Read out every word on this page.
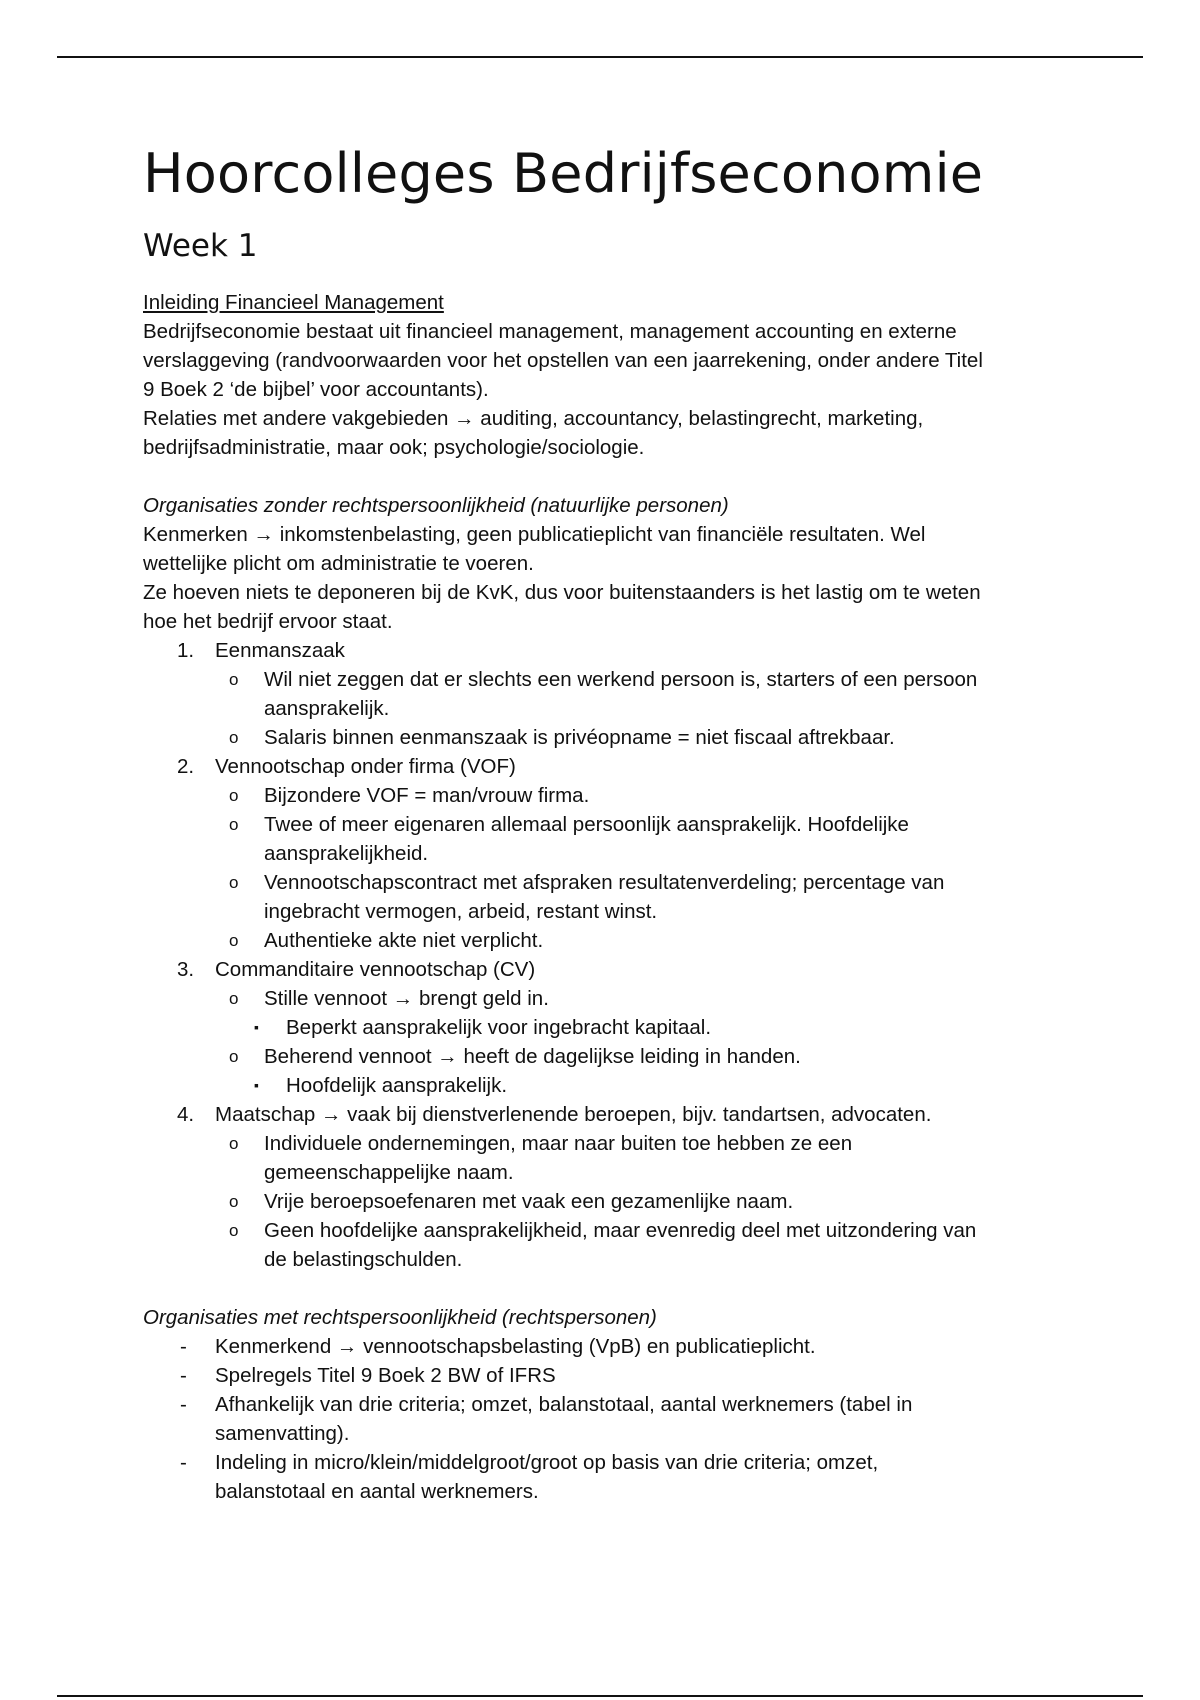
Hoorcolleges Bedrijfseconomie
Week 1
Inleiding Financieel Management
Bedrijfseconomie bestaat uit financieel management, management accounting en externe
verslaggeving (randvoorwaarden voor het opstellen van een jaarrekening, onder andere Titel
9 Boek 2 ‘de bijbel’ voor accountants).
Relaties met andere vakgebieden → auditing, accountancy, belastingrecht, marketing,
bedrijfsadministratie, maar ook; psychologie/sociologie.
Organisaties zonder rechtspersoonlijkheid (natuurlijke personen)
Kenmerken → inkomstenbelasting, geen publicatieplicht van financiële resultaten. Wel
wettelijke plicht om administratie te voeren.
Ze hoeven niets te deponeren bij de KvK, dus voor buitenstaanders is het lastig om te weten
hoe het bedrijf ervoor staat.
1. Eenmanszaak
o Wil niet zeggen dat er slechts een werkend persoon is, starters of een persoon
aansprakelijk.
o Salaris binnen eenmanszaak is privéopname = niet fiscaal aftrekbaar.
2. Vennootschap onder firma (VOF)
o Bijzondere VOF = man/vrouw firma.
o Twee of meer eigenaren allemaal persoonlijk aansprakelijk. Hoofdelijke
aansprakelijkheid.
o Vennootschapscontract met afspraken resultatenverdeling; percentage van
ingebracht vermogen, arbeid, restant winst.
o Authentieke akte niet verplicht.
3. Commanditaire vennootschap (CV)
o Stille vennoot → brengt geld in.
▪ Beperkt aansprakelijk voor ingebracht kapitaal.
o Beherend vennoot → heeft de dagelijkse leiding in handen.
▪ Hoofdelijk aansprakelijk.
4. Maatschap → vaak bij dienstverlenende beroepen, bijv. tandartsen, advocaten.
o Individuele ondernemingen, maar naar buiten toe hebben ze een
gemeenschappelijke naam.
o Vrije beroepsoefenaren met vaak een gezamenlijke naam.
o Geen hoofdelijke aansprakelijkheid, maar evenredig deel met uitzondering van
de belastingschulden.
Organisaties met rechtspersoonlijkheid (rechtspersonen)
- Kenmerkend → vennootschapsbelasting (VpB) en publicatieplicht.
- Spelregels Titel 9 Boek 2 BW of IFRS
- Afhankelijk van drie criteria; omzet, balanstotaal, aantal werknemers (tabel in
samenvatting).
- Indeling in micro/klein/middelgroot/groot op basis van drie criteria; omzet,
balanstotaal en aantal werknemers.
